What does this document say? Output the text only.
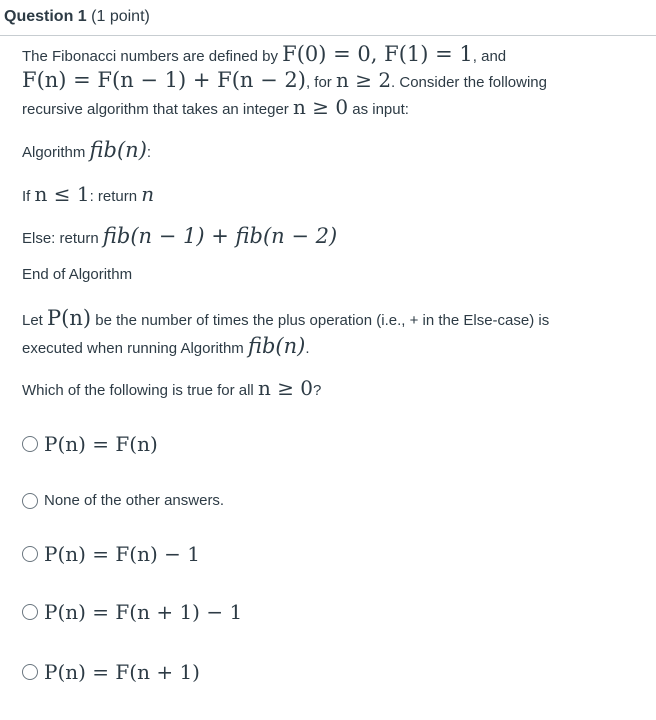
Question 1 (1 point)
The Fibonacci numbers are defined by F(0) = 0, F(1) = 1, and
F(n) = F(n − 1) + F(n − 2), for n ≥ 2. Consider the following
recursive algorithm that takes an integer n ≥ 0 as input:
Algorithm fib(n):
If n ≤ 1: return n
Else: return fib(n − 1) + fib(n − 2)
End of Algorithm
Let P(n) be the number of times the plus operation (i.e., + in the Else-case) is
executed when running Algorithm fib(n).
Which of the following is true for all n ≥ 0?
P(n) = F(n)
None of the other answers.
P(n) = F(n) − 1
P(n) = F(n + 1) − 1
P(n) = F(n + 1)
